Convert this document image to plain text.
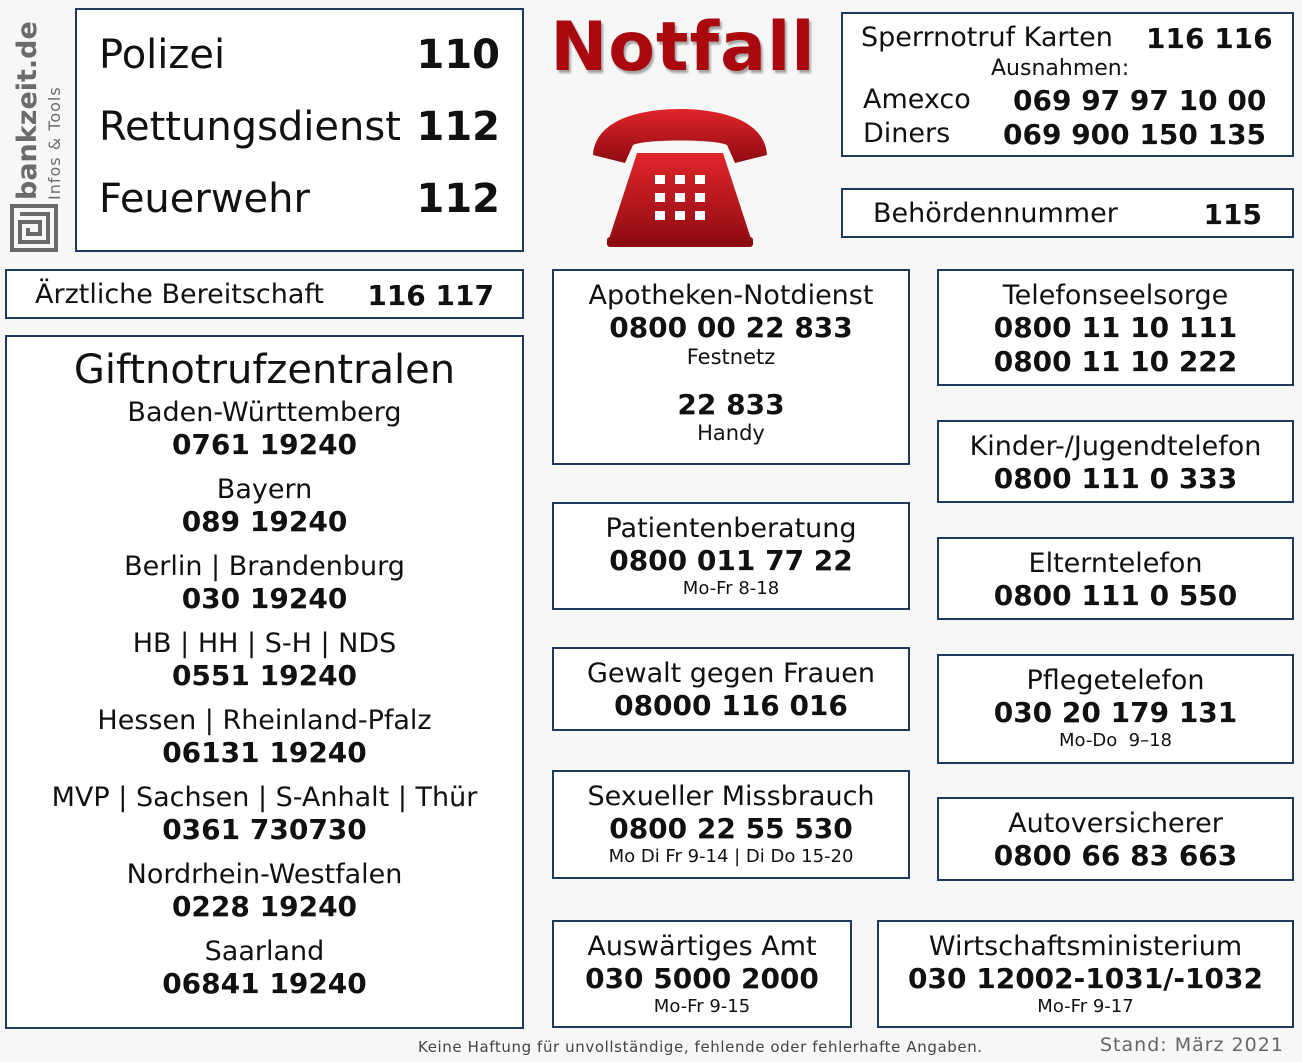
bankzeit.de Infos & Tools
Polizei	110
Rettungsdienst 112
Feuerwehr	112
Notfall Sperrnotruf Karten 116 116
Ausnahmen:
Amexco 069 97 97 10 00
Diners 069 900 150 135
Behördennummer	115
Ärztliche Bereitschaft 116 117
Giftnotrufzentralen
Baden-Württemberg
0761 19240
Bayern
089 19240
Berlin | Brandenburg
030 19240
HB | HH | S-H | NDS
0551 19240
Hessen | Rheinland-Pfalz
06131 19240
MVP | Sachsen | S-Anhalt | Thür
0361 730730
Nordrhein-Westfalen
0228 19240
Saarland
06841 19240
Apotheken-Notdienst
0800 00 22 833
Festnetz
22 833
Handy
Telefonseelsorge
0800 11 10 111
0800 11 10 222
Kinder-/Jugendtelefon
0800 111 0 333
Patientenberatung
0800 011 77 22
Mo-Fr 8-18
Elterntelefon
0800 111 0 550
Gewalt gegen Frauen
08000 116 016
Pflegetelefon
030 20 179 131
Mo-Do  9–18
Sexueller Missbrauch
0800 22 55 530
Mo Di Fr 9-14 | Di Do 15-20
Autoversicherer
0800 66 83 663
Auswärtiges Amt
030 5000 2000
Mo-Fr 9-15
Wirtschaftsministerium
030 12002-1031/-1032
Mo-Fr 9-17
Keine Haftung für unvollständige, fehlende oder fehlerhafte Angaben.	Stand: März 2021
